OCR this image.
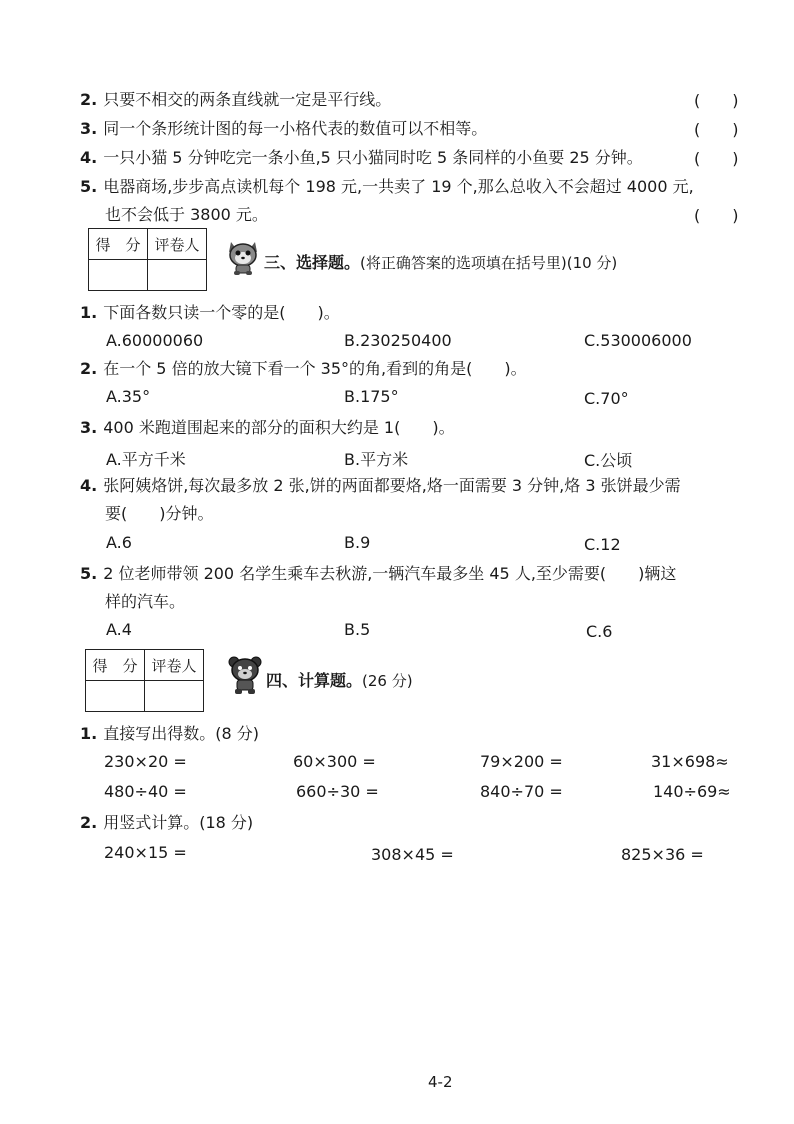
2. 只要不相交的两条直线就一定是平行线。	(　　)
3. 同一个条形统计图的每一小格代表的数值可以不相等。	(　　)
4. 一只小猫 5 分钟吃完一条小鱼,5 只小猫同时吃 5 条同样的小鱼要 25 分钟。	(　　)
5. 电器商场,步步高点读机每个 198 元,一共卖了 19 个,那么总收入不会超过 4000 元,
也不会低于 3800 元。	(　　)
得　分	评卷人

三、选择题。(将正确答案的选项填在括号里)(10 分)
1. 下面各数只读一个零的是(　　)。
A.60000060	B.230250400	C.530006000
2. 在一个 5 倍的放大镜下看一个 35°的角,看到的角是(　　)。
A.35°	B.175°	C.70°
3. 400 米跑道围起来的部分的面积大约是 1(　　)。
A.平方千米	B.平方米	C.公顷
4. 张阿姨烙饼,每次最多放 2 张,饼的两面都要烙,烙一面需要 3 分钟,烙 3 张饼最少需
要(　　)分钟。
A.6	B.9	C.12
5. 2 位老师带领 200 名学生乘车去秋游,一辆汽车最多坐 45 人,至少需要(　　)辆这
样的汽车。
A.4	B.5	C.6
得　分	评卷人

四、计算题。(26 分)
1. 直接写出得数。(8 分)
230×20 =	60×300 =	79×200 =	31×698≈
480÷40 =	660÷30 =	840÷70 =	140÷69≈
2. 用竖式计算。(18 分)
240×15 =	308×45 =	825×36 =
4-2
